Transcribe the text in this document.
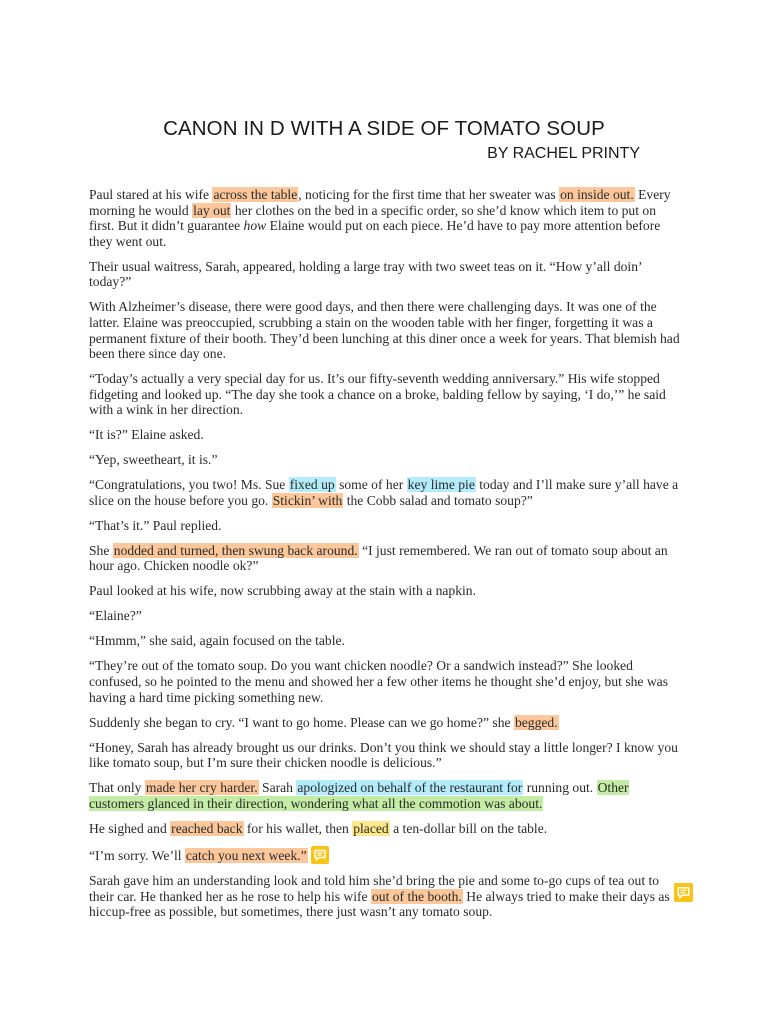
CANON IN D WITH A SIDE OF TOMATO SOUP
BY RACHEL PRINTY

Paul stared at his wife across the table, noticing for the first time that her sweater was on inside out. Every morning he would lay out her clothes on the bed in a specific order, so she’d know which item to put on first. But it didn’t guarantee how Elaine would put on each piece. He’d have to pay more attention before they went out.

Their usual waitress, Sarah, appeared, holding a large tray with two sweet teas on it. “How y’all doin’ today?”

With Alzheimer’s disease, there were good days, and then there were challenging days. It was one of the latter. Elaine was preoccupied, scrubbing a stain on the wooden table with her finger, forgetting it was a permanent fixture of their booth. They’d been lunching at this diner once a week for years. That blemish had been there since day one.

“Today’s actually a very special day for us. It’s our fifty-seventh wedding anniversary.” His wife stopped fidgeting and looked up. “The day she took a chance on a broke, balding fellow by saying, ‘I do,’” he said with a wink in her direction.

“It is?” Elaine asked.

“Yep, sweetheart, it is.”

“Congratulations, you two! Ms. Sue fixed up some of her key lime pie today and I’ll make sure y’all have a slice on the house before you go. Stickin’ with the Cobb salad and tomato soup?”

“That’s it.” Paul replied.

She nodded and turned, then swung back around. “I just remembered. We ran out of tomato soup about an hour ago. Chicken noodle ok?”

Paul looked at his wife, now scrubbing away at the stain with a napkin.

“Elaine?”

“Hmmm,” she said, again focused on the table.

“They’re out of the tomato soup. Do you want chicken noodle? Or a sandwich instead?” She looked confused, so he pointed to the menu and showed her a few other items he thought she’d enjoy, but she was having a hard time picking something new.

Suddenly she began to cry. “I want to go home. Please can we go home?” she begged.

“Honey, Sarah has already brought us our drinks. Don’t you think we should stay a little longer? I know you like tomato soup, but I’m sure their chicken noodle is delicious.”

That only made her cry harder. Sarah apologized on behalf of the restaurant for running out. Other customers glanced in their direction, wondering what all the commotion was about.

He sighed and reached back for his wallet, then placed a ten-dollar bill on the table.

“I’m sorry. We’ll catch you next week.”

Sarah gave him an understanding look and told him she’d bring the pie and some to-go cups of tea out to their car. He thanked her as he rose to help his wife out of the booth. He always tried to make their days as hiccup-free as possible, but sometimes, there just wasn’t any tomato soup.
